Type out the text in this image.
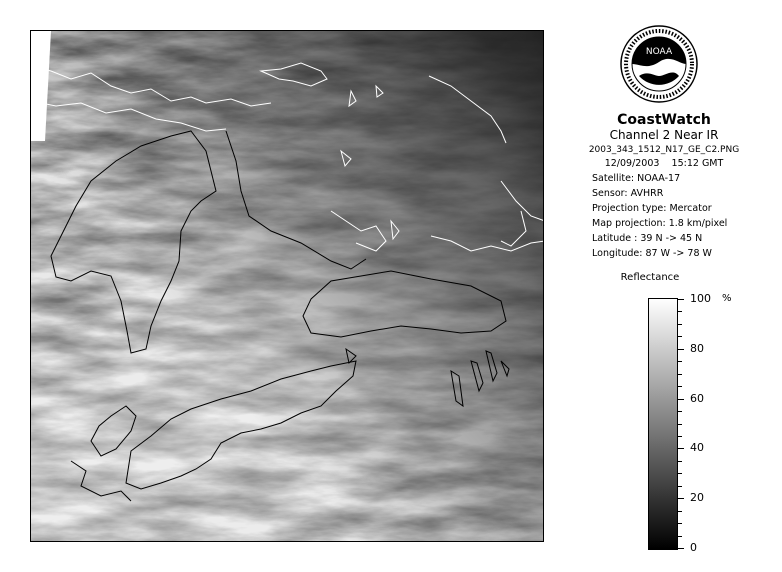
NOAA
CoastWatch
Channel 2 Near IR
2003_343_1512_N17_GE_C2.PNG
12/09/2003 15:12 GMT
Satellite: NOAA-17
Sensor: AVHRR
Projection type: Mercator
Map projection: 1.8 km/pixel
Latitude : 39 N -> 45 N
Longitude: 87 W -> 78 W
Reflectance
%
100
80
60
40
20
0
